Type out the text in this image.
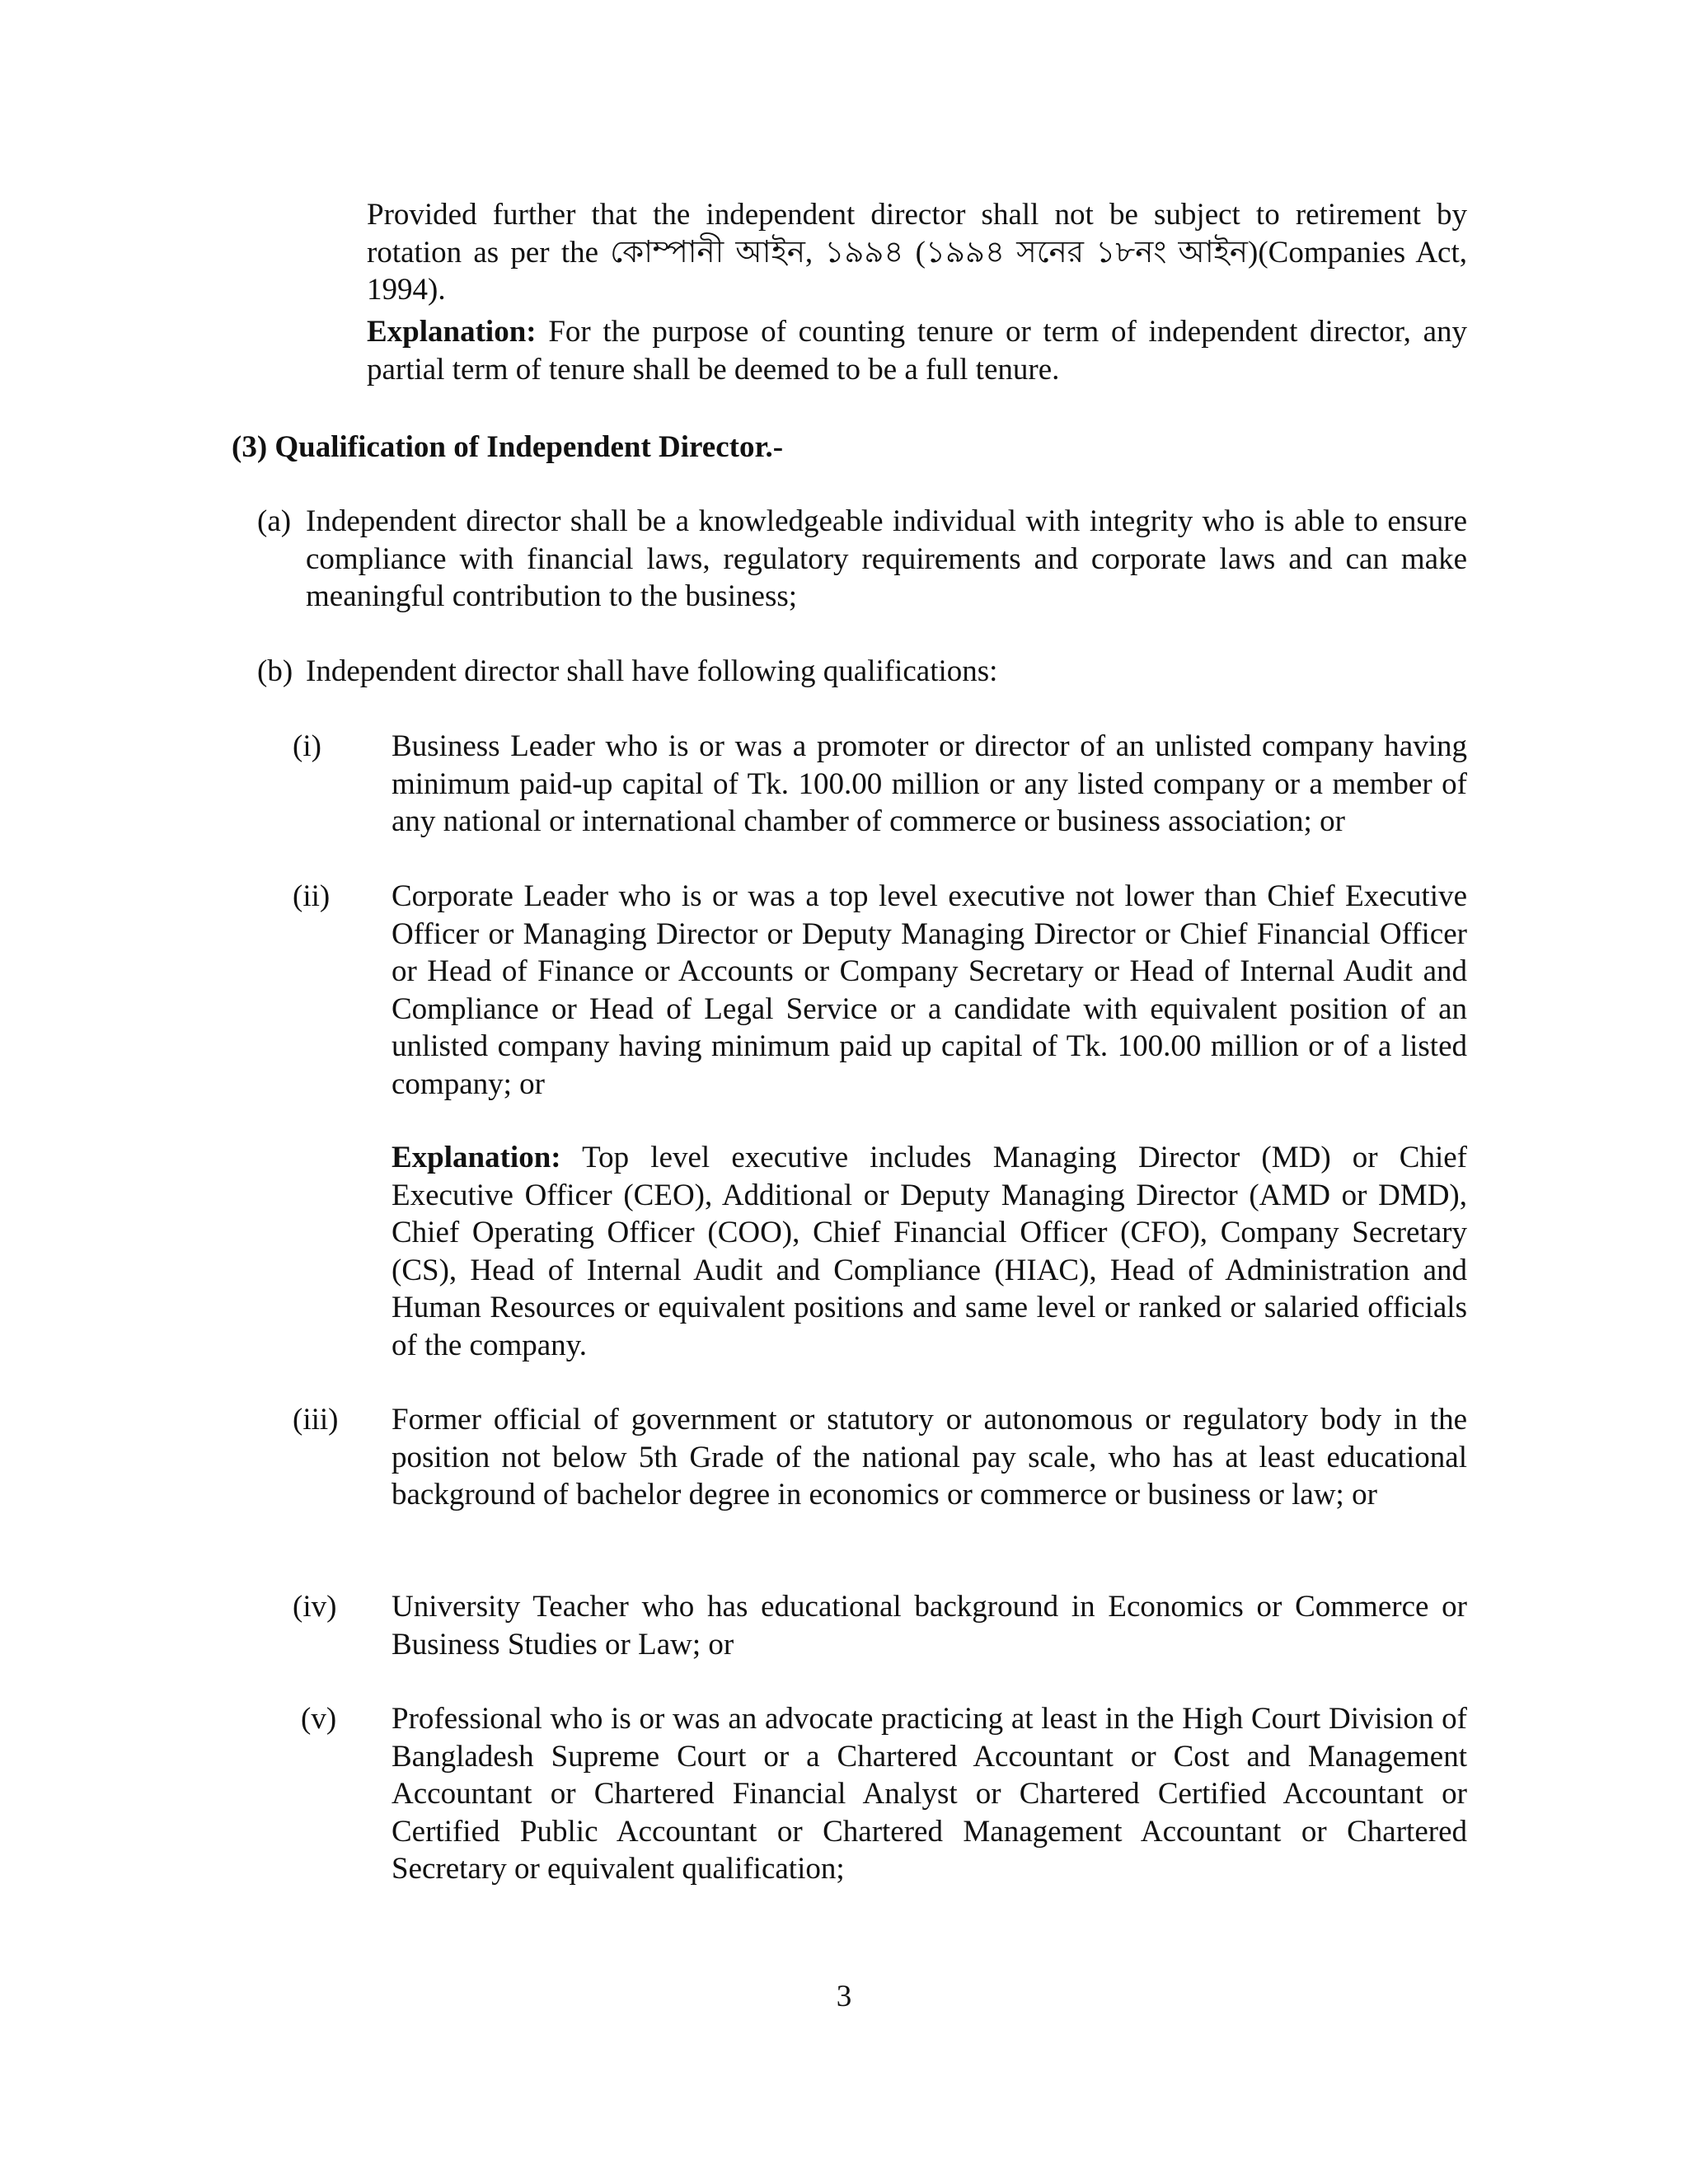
Provided further that the independent director shall not be subject to retirement by rotation as per the কোম্পানী আইন, ১৯৯৪ (১৯৯৪ সনের ১৮নং আইন)(Companies Act, 1994).

Explanation: For the purpose of counting tenure or term of independent director, any partial term of tenure shall be deemed to be a full tenure.

(3) Qualification of Independent Director.-

(a) Independent director shall be a knowledgeable individual with integrity who is able to ensure compliance with financial laws, regulatory requirements and corporate laws and can make meaningful contribution to the business;

(b) Independent director shall have following qualifications:

(i) Business Leader who is or was a promoter or director of an unlisted company having minimum paid-up capital of Tk. 100.00 million or any listed company or a member of any national or international chamber of commerce or business association; or

(ii) Corporate Leader who is or was a top level executive not lower than Chief Executive Officer or Managing Director or Deputy Managing Director or Chief Financial Officer or Head of Finance or Accounts or Company Secretary or Head of Internal Audit and Compliance or Head of Legal Service or a candidate with equivalent position of an unlisted company having minimum paid up capital of Tk. 100.00 million or of a listed company; or

Explanation: Top level executive includes Managing Director (MD) or Chief Executive Officer (CEO), Additional or Deputy Managing Director (AMD or DMD), Chief Operating Officer (COO), Chief Financial Officer (CFO), Company Secretary (CS), Head of Internal Audit and Compliance (HIAC), Head of Administration and Human Resources or equivalent positions and same level or ranked or salaried officials of the company.

(iii) Former official of government or statutory or autonomous or regulatory body in the position not below 5th Grade of the national pay scale, who has at least educational background of bachelor degree in economics or commerce or business or law; or

(iv) University Teacher who has educational background in Economics or Commerce or Business Studies or Law; or

(v) Professional who is or was an advocate practicing at least in the High Court Division of Bangladesh Supreme Court or a Chartered Accountant or Cost and Management Accountant or Chartered Financial Analyst or Chartered Certified Accountant or Certified Public Accountant or Chartered Management Accountant or Chartered Secretary or equivalent qualification;

3
